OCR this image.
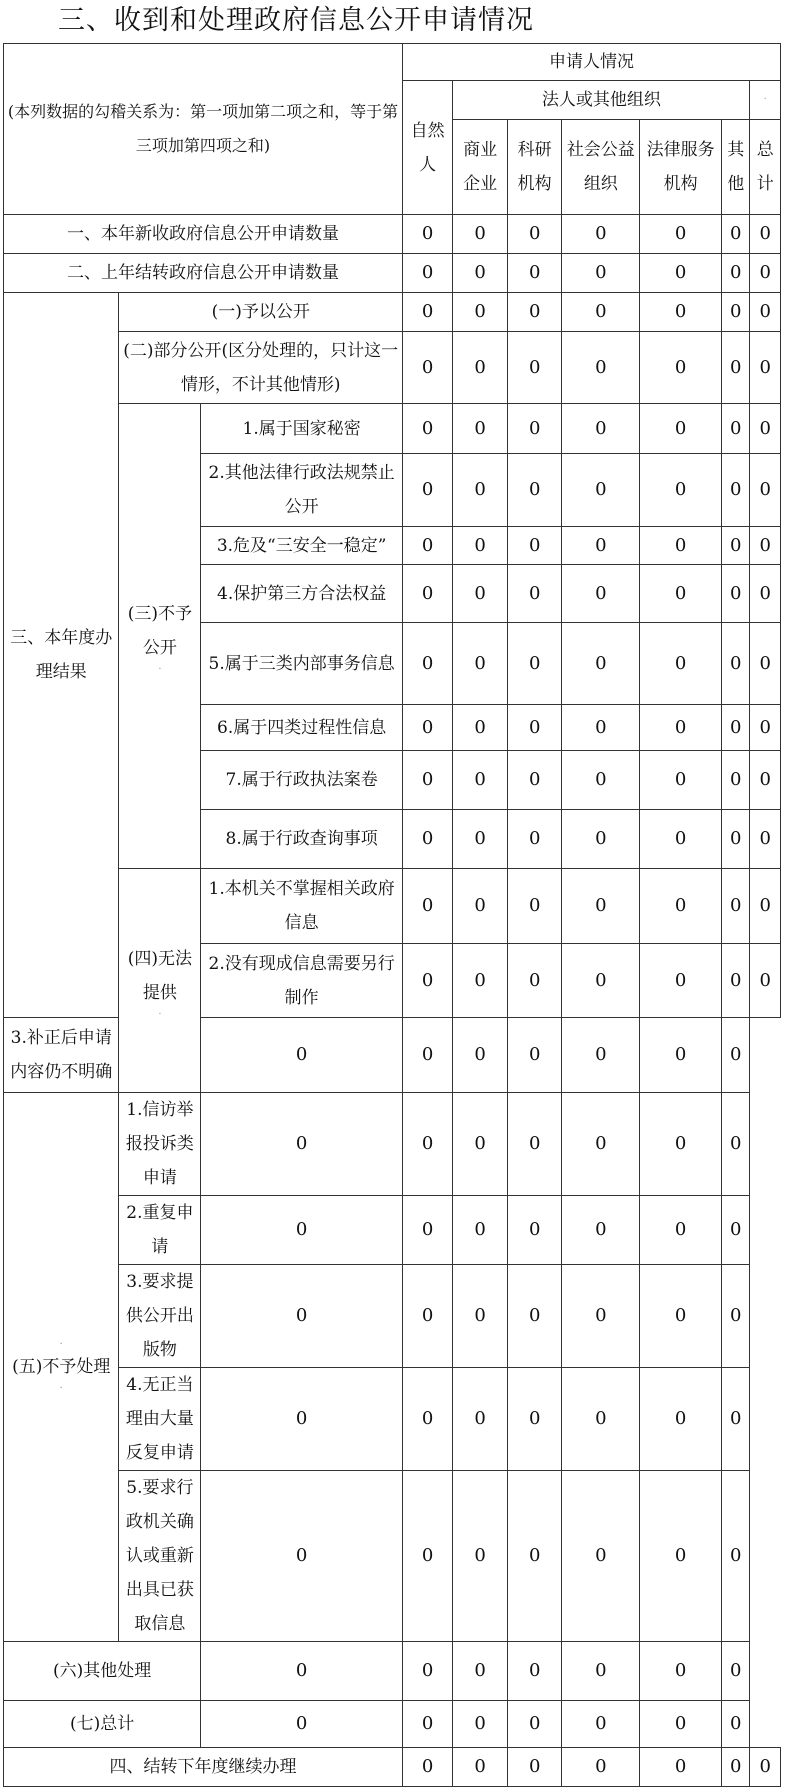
三、收到和处理政府信息公开申请情况
(本列数据的勾稽关系为：第一项加第二项之和，等于第三项加第四项之和)			申请人情况						
			自然人	法人或其他组织					·

				商业企业	科研机构	社会公益组织	法律服务机构	其他	总计
一、本年新收政府信息公开申请数量			0	0	0	0	0	0	0
二、上年结转政府信息公开申请数量			0	0	0	0	0	0	0
三、本年度办理结果	(一)予以公开		0	0	0	0	0	0	0
	(二)部分公开(区分处理的，只计这一情形，不计其他情形)		0	0	0	0	0	0	0
	(三)不予公开
·	1.属于国家秘密	0	0	0	0	0	0	0
		2.其他法律行政法规禁止公开	0	0	0	0	0	0	0
		3.危及“三安全一稳定”	0	0	0	0	0	0	0
		4.保护第三方合法权益	0	0	0	0	0	0	0
		5.属于三类内部事务信息	0	0	0	0	0	0	0
		6.属于四类过程性信息	0	0	0	0	0	0	0
		7.属于行政执法案卷	0	0	0	0	0	0	0
		8.属于行政查询事项	0	0	0	0	0	0	0
	(四)无法提供
·	1.本机关不掌握相关政府信息	0	0	0	0	0	0	0
		2.没有现成信息需要另行制作	0	0	0	0	0	0	0
3.补正后申请内容仍不明确		0	0	0	0	0	0	0	

·
(五)不予处理
·	1.信访举报投诉类申请	0	0	0	0	0	0	0	
	2.重复申请	0	0	0	0	0	0	0	
	3.要求提供公开出版物	0	0	0	0	0	0	0	
	4.无正当理由大量反复申请	0	0	0	0	0	0	0	
	5.要求行政机关确认或重新出具已获取信息	0	0	0	0	0	0	0	
(六)其他处理		0	0	0	0	0	0	0	
(七)总计		0	0	0	0	0	0	0	
四、结转下年度继续办理			0	0	0	0	0	0	0
